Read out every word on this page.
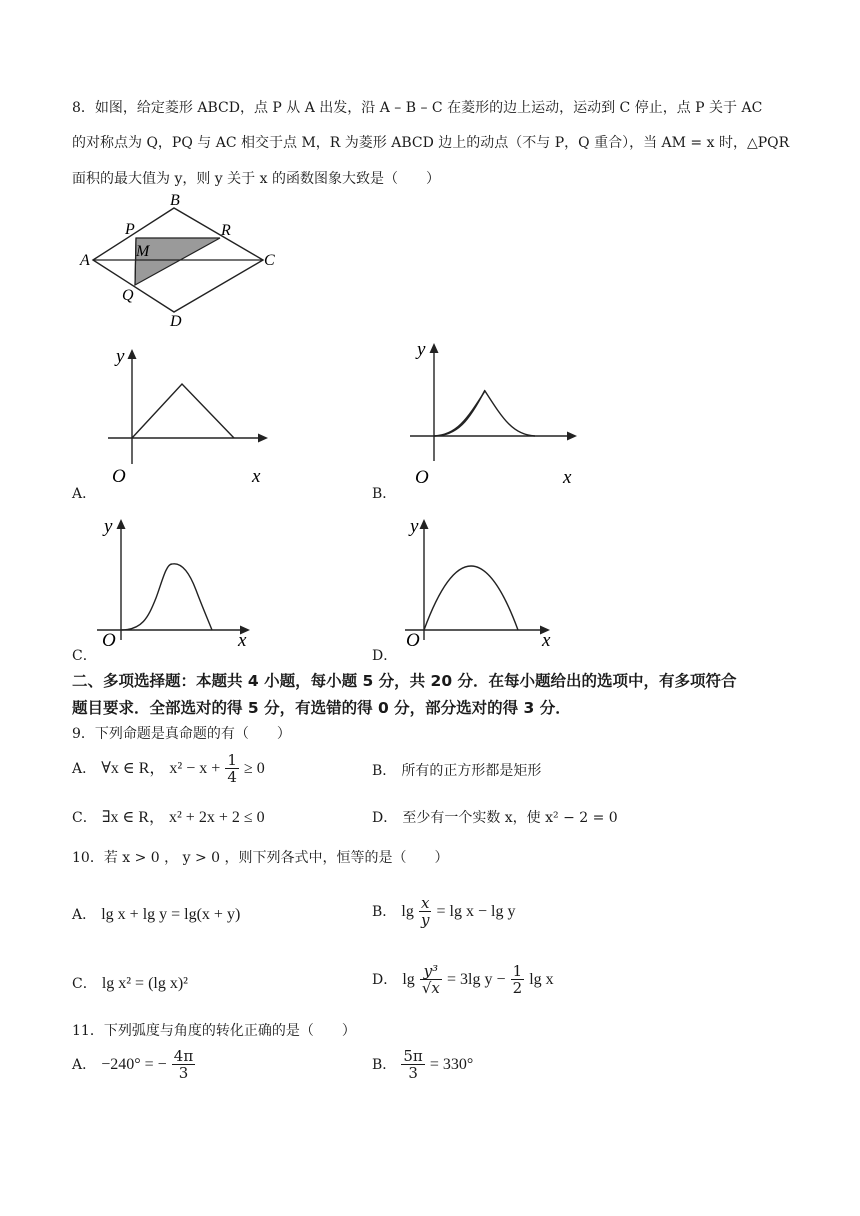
8．如图，给定菱形 ABCD，点 P 从 A 出发，沿 A – B – C 在菱形的边上运动，运动到 C 停止，点 P 关于 AC
的对称点为 Q，PQ 与 AC 相交于点 M，R 为菱形 ABCD 边上的动点（不与 P，Q 重合），当 AM = x 时，△PQR
面积的最大值为 y，则 y 关于 x 的函数图象大致是（　　）
A
B
C
D
P
Q
M
R
A．
y
x
O
B．
y
x
O
C．
y
x
O
D．
y
x
O
二、多项选择题：本题共 4 小题，每小题 5 分，共 20 分．在每小题给出的选项中，有多项符合
题目要求．全部选对的得 5 分，有选错的得 0 分，部分选对的得 3 分．
9．下列命题是真命题的有（　　）
A． ∀x ∈ R， $x^2 - x + \frac{1}{4} \ge 0$	B． 所有的正方形都是矩形
C． ∃x ∈ R， x² + 2x + 2 ≤ 0	D． 至少有一个实数 x，使 x² − 2 = 0
10．若 x > 0 ， y > 0 ，则下列各式中，恒等的是（　　）
A． lg x + lg y = lg(x + y)	B． $\lg \frac{x}{y} = \lg x - \lg y$
C． lg x² = (lg x)²	D． $\lg \frac{\text{y³}}{√x} = 3\lg$ $y - \frac{1}{2}$ lg x
11．下列弧度与角度的转化正确的是（　　）
A． −240° = − $\frac{4\pi}{3}$	B． $\frac{5\pi}{3} = 330^\circ$
